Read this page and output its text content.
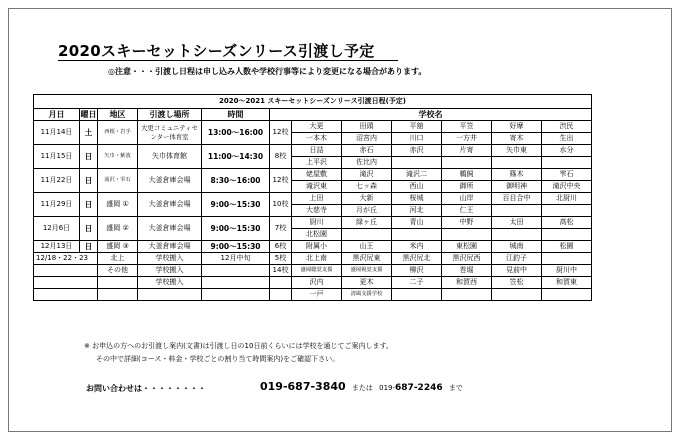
2020スキーセットシーズンリース引渡し予定
◎注意・・・引渡し日程は申し込み人数や学校行事等により変更になる場合があります。
2020～2021 スキーセットシーズンリース引渡日程(予定)											
月日	曜日	地区	引渡し場所	時間	学校名						
11月14日	土	西根・岩手	大更コミュニティセンター体育室	13:00～16:00	12校	大更	田頭	平舘	平笠	好摩	渋民
						一本木	沼宮内	川口	一方井	寄木	生出
11月15日	日	矢巾・紫波	矢巾体育館	11:00～14:30	8校	日詰	赤石	赤沢	片寄	矢巾東	水分
						上平沢	佐比内				
11月22日	日	滝沢・雫石	大釜倉庫会場	8:30～16:00	12校	姥屋敷	滝沢	滝沢二	鵜飼	篠木	雫石
						滝沢東	七ッ森	西山	御所	御明神	滝沢中央
11月29日	日	盛岡 ①	大釜倉庫会場	9:00～15:30	10校	上田	大新	桜城	山岸	百目合中	北厨川
						大慈寺	月が丘	河北	仁王		
12月6日	日	盛岡 ②	大釜倉庫会場	9:00～15:30	7校	厨川	緑ヶ丘	青山	中野	太田	高松
						北松園					
12月13日	日	盛岡 ③	大釜倉庫会場	9:00～15:30	6校	附属小	山王	米内	東松園	城南	松園
12/18・22・23		北上	学校搬入	12月中旬	5校	北上南	黒沢尻東	黒沢尻北	黒沢尻西	江釣子	
		その他	学校搬入		14校	盛岡聴覚支援	盛岡視覚支援	柳沢	巻堀	見前中	厨川中
			学校搬入			沢内	更木	二子	和賀西	笠松	和賀東
						一戸	清風支援学校				
※ お申込の方へのお引渡し案内(文書)は引渡し日の10日前くらいには学校を通じてご案内します。
その中で詳細(コース・料金・学校ごとの割り当て時間案内)をご確認下さい。
お問い合わせは・・・・・・・・	019-687-3840 または 019-687-2246 まで
